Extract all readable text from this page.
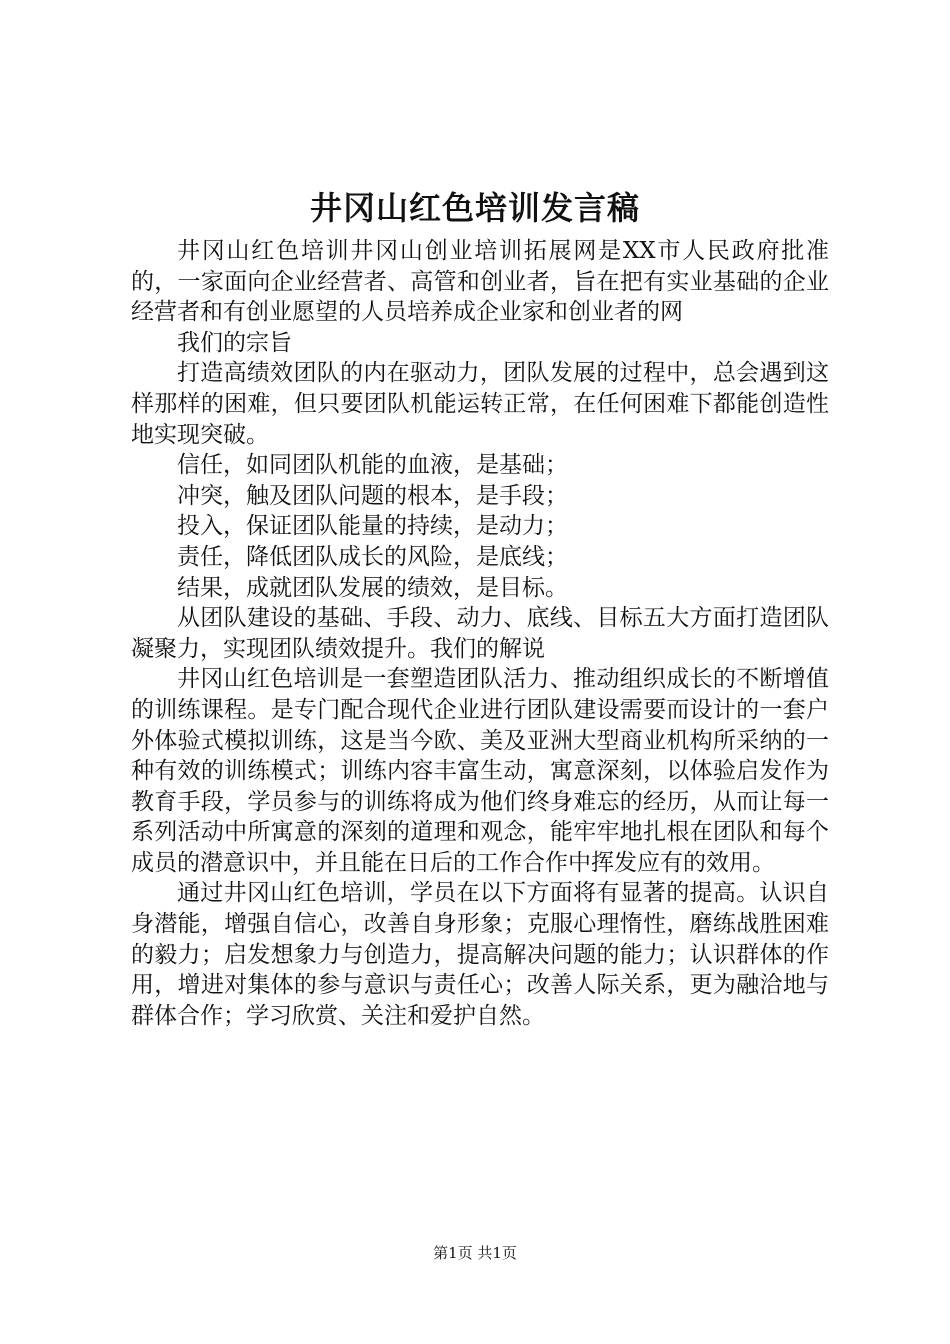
井冈山红色培训发言稿

井冈山红色培训井冈山创业培训拓展网是XX市人民政府批准的，一家面向企业经营者、高管和创业者，旨在把有实业基础的企业经营者和有创业愿望的人员培养成企业家和创业者的网

我们的宗旨

打造高绩效团队的内在驱动力，团队发展的过程中，总会遇到这样那样的困难，但只要团队机能运转正常，在任何困难下都能创造性地实现突破。

信任，如同团队机能的血液，是基础；

冲突，触及团队问题的根本，是手段；

投入，保证团队能量的持续，是动力；

责任，降低团队成长的风险，是底线；

结果，成就团队发展的绩效，是目标。

从团队建设的基础、手段、动力、底线、目标五大方面打造团队凝聚力，实现团队绩效提升。我们的解说

井冈山红色培训是一套塑造团队活力、推动组织成长的不断增值的训练课程。是专门配合现代企业进行团队建设需要而设计的一套户外体验式模拟训练，这是当今欧、美及亚洲大型商业机构所采纳的一种有效的训练模式；训练内容丰富生动，寓意深刻，以体验启发作为教育手段，学员参与的训练将成为他们终身难忘的经历，从而让每一系列活动中所寓意的深刻的道理和观念，能牢牢地扎根在团队和每个成员的潜意识中，并且能在日后的工作合作中挥发应有的效用。

通过井冈山红色培训，学员在以下方面将有显著的提高。认识自身潜能，增强自信心，改善自身形象；克服心理惰性，磨练战胜困难的毅力；启发想象力与创造力，提高解决问题的能力；认识群体的作用，增进对集体的参与意识与责任心；改善人际关系，更为融洽地与群体合作；学习欣赏、关注和爱护自然。

第1页 共1页
